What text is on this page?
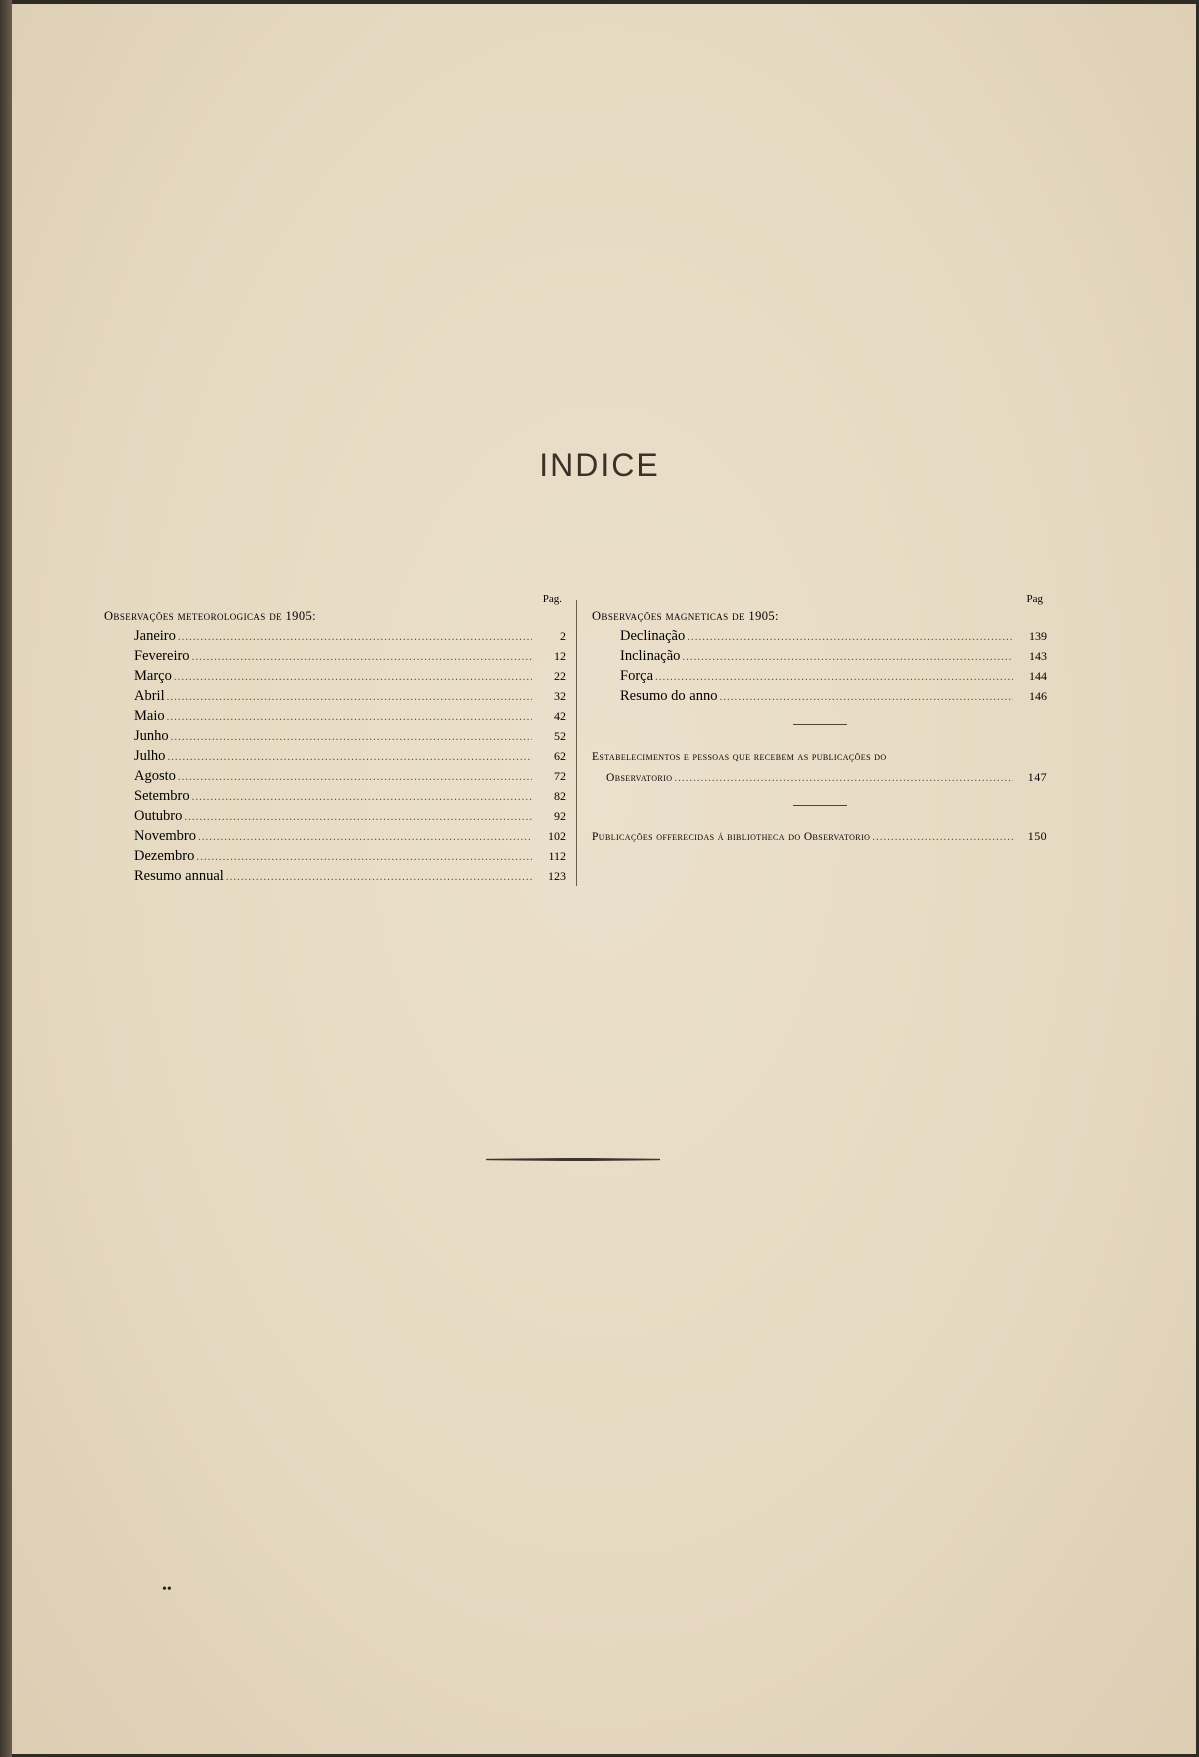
INDICE
Pag.
Observações meteorologicas de 1905:
Janeiro .....	2
Fevereiro .....	12
Março .....	22
Abril .....	32
Maio .....	42
Junho .....	52
Julho .....	62
Agosto .....	72
Setembro .....	82
Outubro .....	92
Novembro .....	102
Dezembro .....	112
Resumo annual .....	123
Pag
Observações magneticas de 1905:
Declinação .....	139
Inclinação .....	143
Força .....	144
Resumo do anno .....	146
Estabelecimentos e pessoas que recebem as publicações do
Observatorio .....	147
Publicações offerecidas á bibliotheca do Observatorio .....	150
••
